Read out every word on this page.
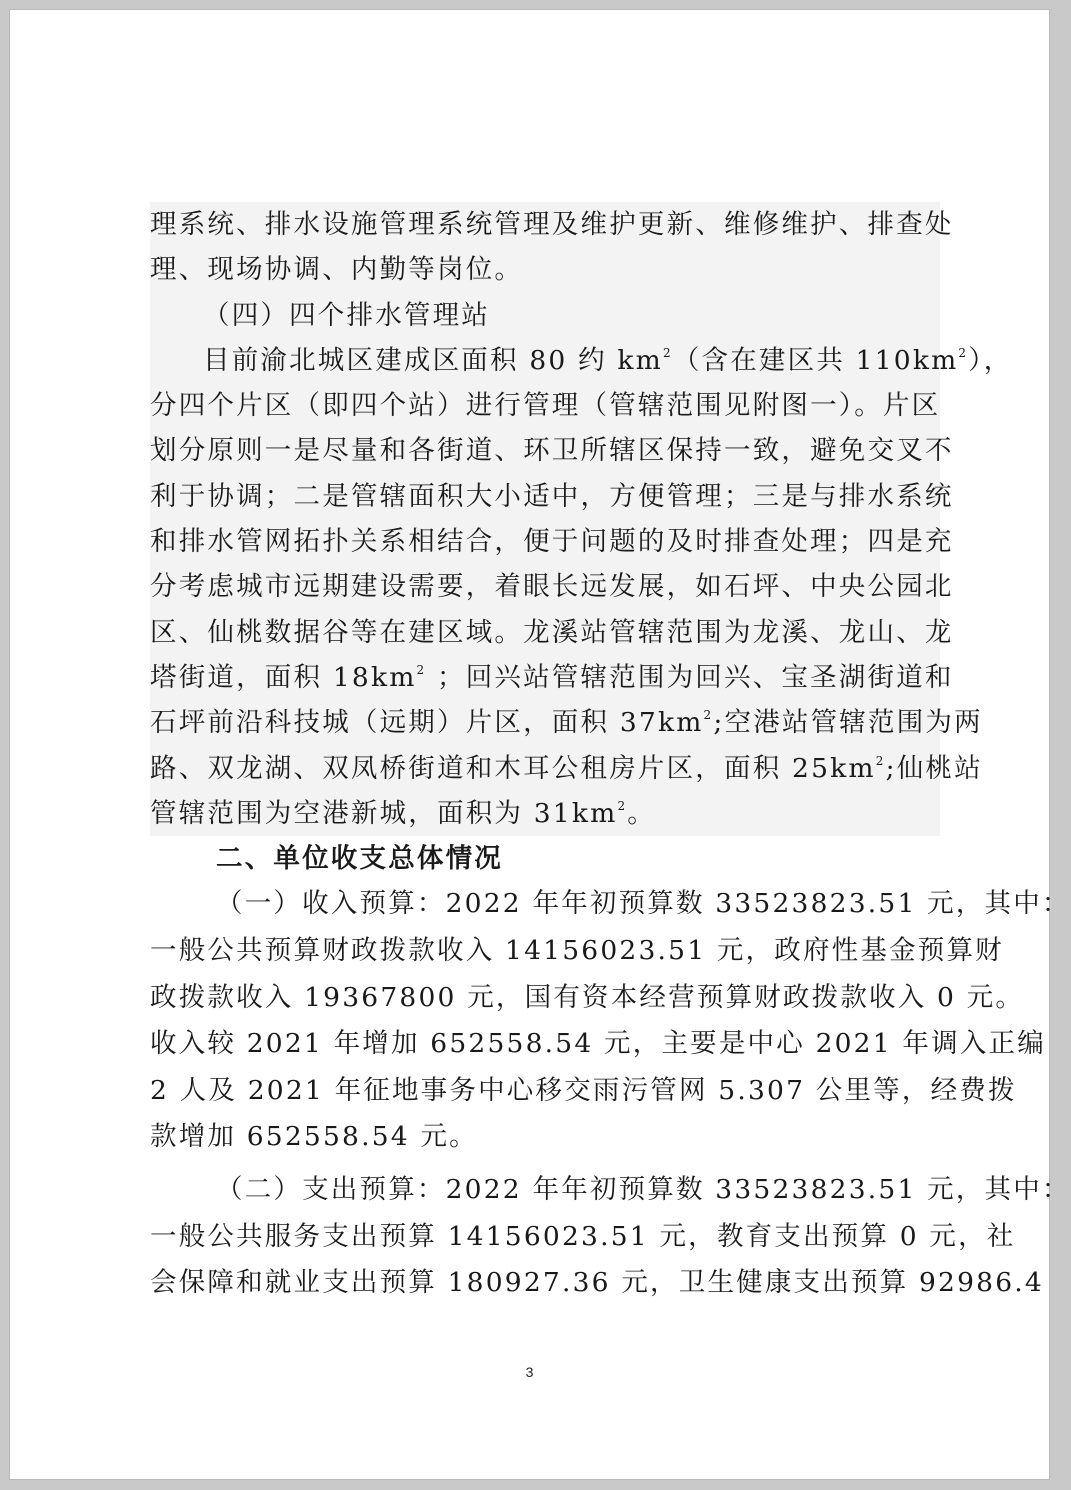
理系统、排水设施管理系统管理及维护更新、维修维护、排查处
理、现场协调、内勤等岗位。
（四）四个排水管理站
目前渝北城区建成区面积 80 约 $km^2$（含在建区共 $110km^2$），
分四个片区（即四个站）进行管理（管辖范围见附图一）。片区
划分原则一是尽量和各街道、环卫所辖区保持一致，避免交叉不
利于协调；二是管辖面积大小适中，方便管理；三是与排水系统
和排水管网拓扑关系相结合，便于问题的及时排查处理；四是充
分考虑城市远期建设需要，着眼长远发展，如石坪、中央公园北
区、仙桃数据谷等在建区域。龙溪站管辖范围为龙溪、龙山、龙
塔街道，面积 $18km^2$ ；回兴站管辖范围为回兴、宝圣湖街道和
石坪前沿科技城（远期）片区，面积 $37km^2$;空港站管辖范围为两
路、双龙湖、双凤桥街道和木耳公租房片区，面积 $25km^2$;仙桃站
管辖范围为空港新城，面积为 $31km^2$。
二、单位收支总体情况
（一）收入预算：2022 年年初预算数 33523823.51 元，其中：
一般公共预算财政拨款收入 14156023.51 元，政府性基金预算财
政拨款收入 19367800 元，国有资本经营预算财政拨款收入 0 元。
收入较 2021 年增加 652558.54 元，主要是中心 2021 年调入正编
2 人及 2021 年征地事务中心移交雨污管网 5.307 公里等，经费拨
款增加 652558.54 元。
（二）支出预算：2022 年年初预算数 33523823.51 元，其中：
一般公共服务支出预算 14156023.51 元，教育支出预算 0 元，社
会保障和就业支出预算 180927.36 元，卫生健康支出预算 92986.4
3
